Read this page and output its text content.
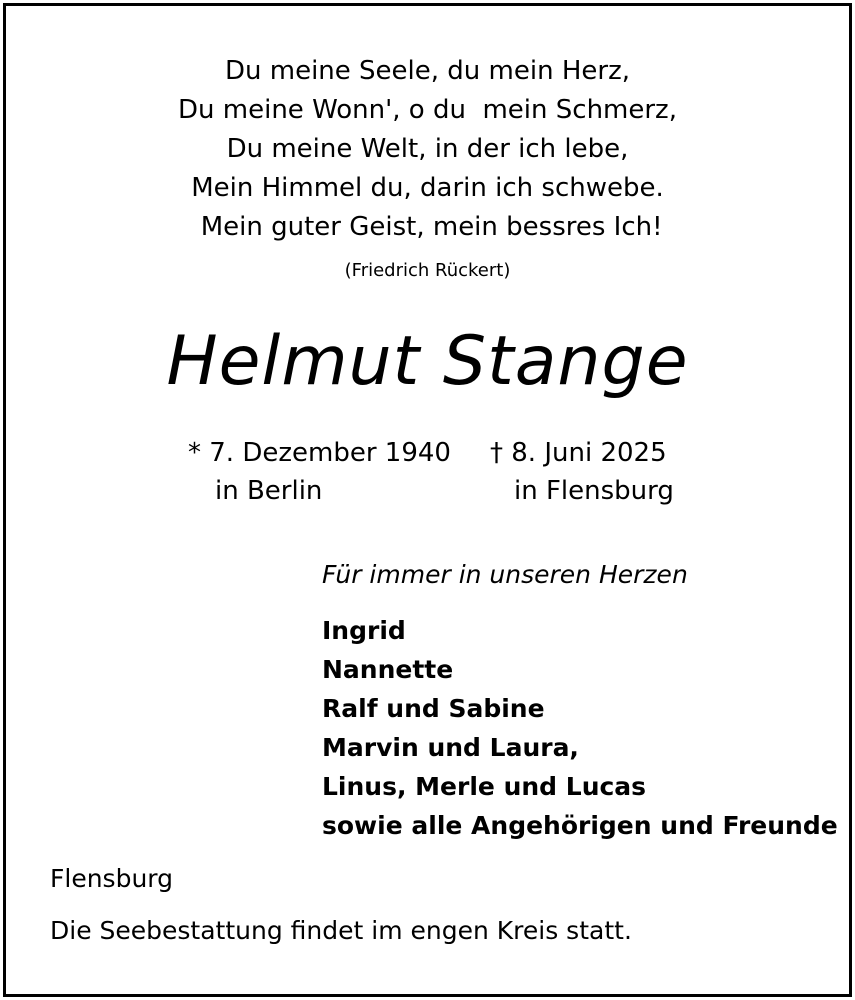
Du meine Seele, du mein Herz,
Du meine Wonn', o du  mein Schmerz,
Du meine Welt, in der ich lebe,
Mein Himmel du, darin ich schwebe.
Mein guter Geist, mein bessres Ich!
(Friedrich Rückert)
Helmut Stange
* 7. Dezember 1940
in Berlin
† 8. Juni 2025
in Flensburg
Für immer in unseren Herzen
Ingrid
Nannette
Ralf und Sabine
Marvin und Laura,
Linus, Merle und Lucas
sowie alle Angehörigen und Freunde
Flensburg
Die Seebestattung findet im engen Kreis statt.
